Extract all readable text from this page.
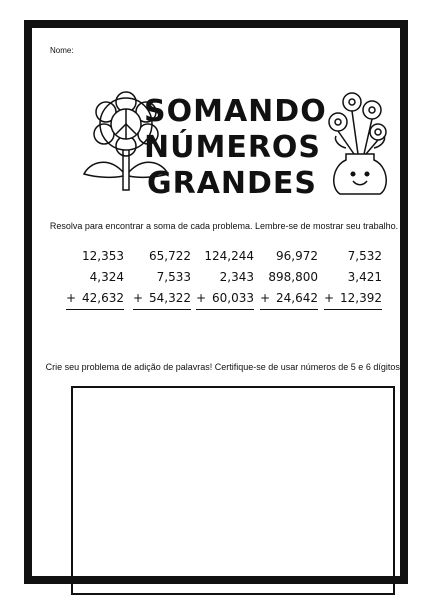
Nome:
SOMANDO
NÚMEROS
GRANDES
Resolva para encontrar a soma de cada problema. Lembre-se de mostrar seu trabalho.
12,353
4,324
+ 42,632
65,722
7,533
+ 54,322
124,244
2,343
+ 60,033
96,972
898,800
+ 24,642
7,532
3,421
+ 12,392
Crie seu problema de adição de palavras! Certifique-se de usar números de 5 e 6 dígitos.
